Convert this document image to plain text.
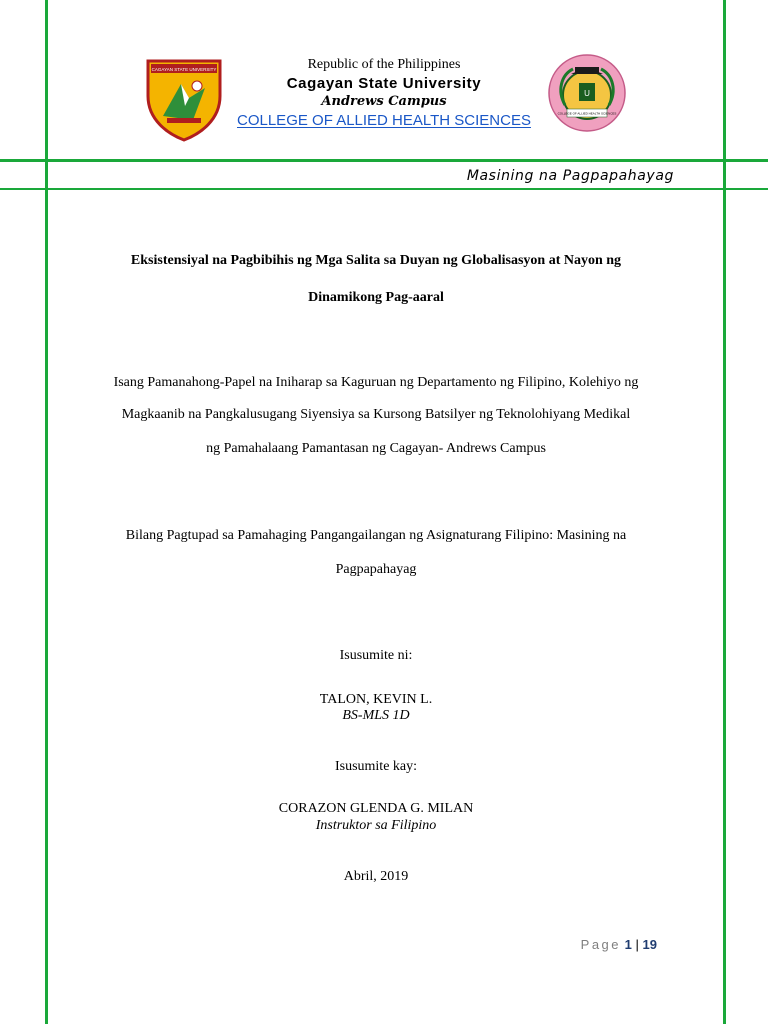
CAGAYAN STATE UNIVERSITY
U
COLLEGE OF ALLIED HEALTH SCIENCES
Republic of the Philippines
Cagayan State University
Andrews Campus
COLLEGE OF ALLIED HEALTH SCIENCES
Masining na Pagpapahayag
Eksistensiyal na Pagbibihis ng Mga Salita sa Duyan ng Globalisasyon at Nayon ng
Dinamikong Pag-aaral
Isang Pamanahong-Papel na Iniharap sa Kaguruan ng Departamento ng Filipino, Kolehiyo ng
Magkaanib na Pangkalusugang Siyensiya sa Kursong Batsilyer ng Teknolohiyang Medikal
ng Pamahalaang Pamantasan ng Cagayan- Andrews Campus
Bilang Pagtupad sa Pamahaging Pangangailangan ng Asignaturang Filipino: Masining na
Pagpapahayag
Isusumite ni:
TALON, KEVIN L.
BS-MLS 1D
Isusumite kay:
CORAZON GLENDA G. MILAN
Instruktor sa Filipino
Abril, 2019
Page 1 | 19
